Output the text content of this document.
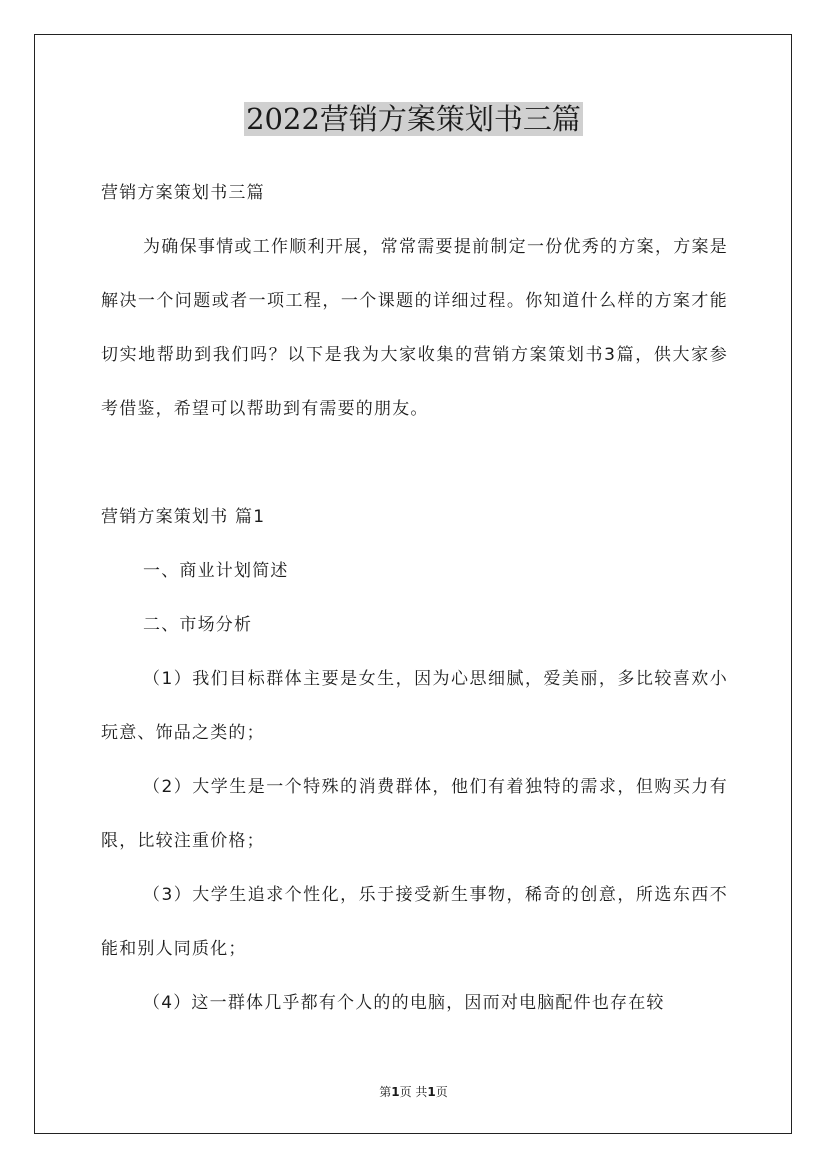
2022营销方案策划书三篇

营销方案策划书三篇

为确保事情或工作顺利开展，常常需要提前制定一份优秀的方案，方案是解决一个问题或者一项工程，一个课题的详细过程。你知道什么样的方案才能切实地帮助到我们吗？以下是我为大家收集的营销方案策划书3篇，供大家参考借鉴，希望可以帮助到有需要的朋友。

营销方案策划书 篇1

一、商业计划简述

二、市场分析

（1）我们目标群体主要是女生，因为心思细腻，爱美丽，多比较喜欢小玩意、饰品之类的；

（2）大学生是一个特殊的消费群体，他们有着独特的需求，但购买力有限，比较注重价格；

（3）大学生追求个性化，乐于接受新生事物，稀奇的创意，所选东西不能和别人同质化；

（4）这一群体几乎都有个人的的电脑，因而对电脑配件也存在较

第1页 共1页
